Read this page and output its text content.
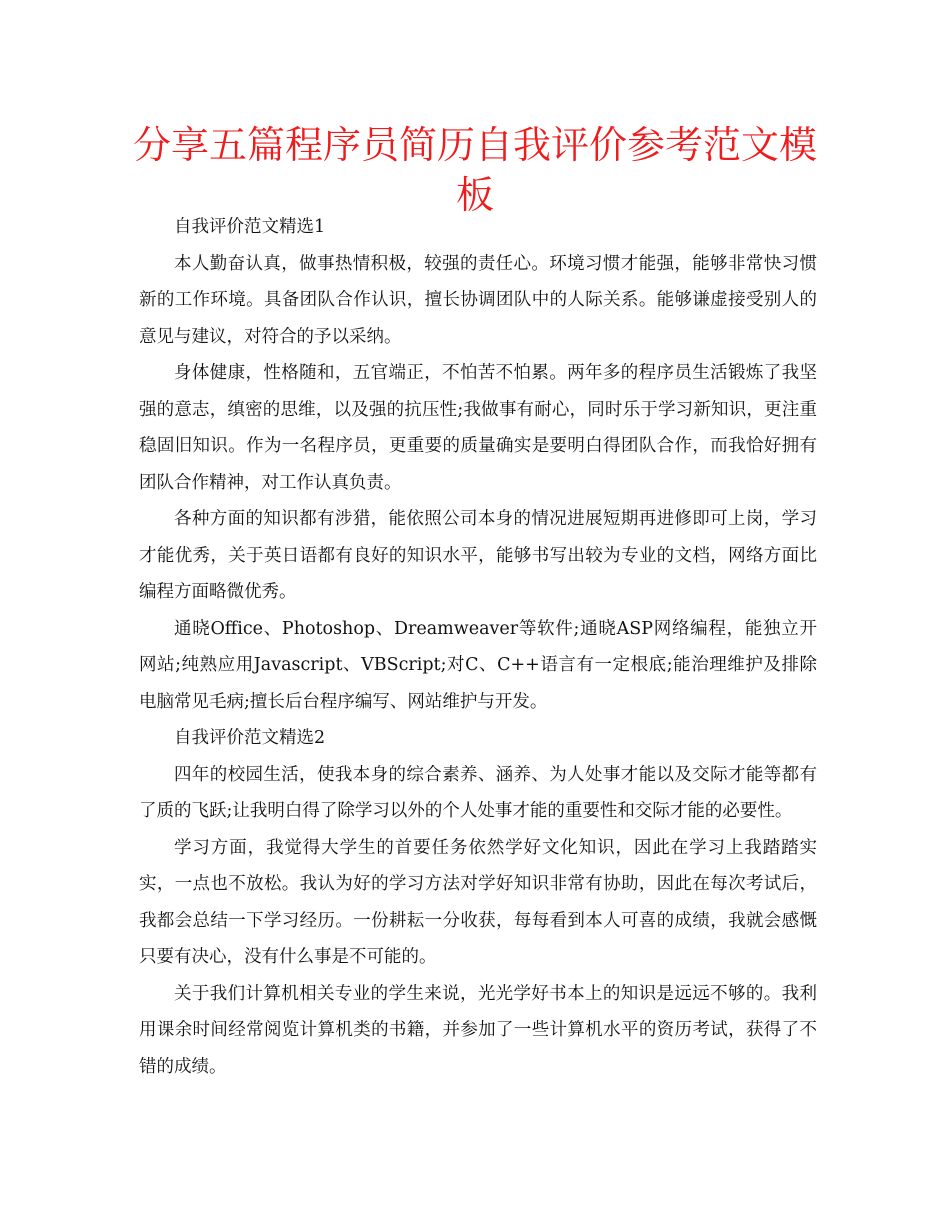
分享五篇程序员简历自我评价参考范文模板

自我评价范文精选1

本人勤奋认真，做事热情积极，较强的责任心。环境习惯才能强，能够非常快习惯新的工作环境。具备团队合作认识，擅长协调团队中的人际关系。能够谦虚接受别人的意见与建议，对符合的予以采纳。

身体健康，性格随和，五官端正，不怕苦不怕累。两年多的程序员生活锻炼了我坚强的意志，缜密的思维，以及强的抗压性;我做事有耐心，同时乐于学习新知识，更注重稳固旧知识。作为一名程序员，更重要的质量确实是要明白得团队合作，而我恰好拥有团队合作精神，对工作认真负责。

各种方面的知识都有涉猎，能依照公司本身的情况进展短期再进修即可上岗，学习才能优秀，关于英日语都有良好的知识水平，能够书写出较为专业的文档，网络方面比编程方面略微优秀。

通晓Office、Photoshop、Dreamweaver等软件;通晓ASP网络编程，能独立开网站;纯熟应用Javascript、VBScript;对C、C++语言有一定根底;能治理维护及排除电脑常见毛病;擅长后台程序编写、网站维护与开发。

自我评价范文精选2

四年的校园生活，使我本身的综合素养、涵养、为人处事才能以及交际才能等都有了质的飞跃;让我明白得了除学习以外的个人处事才能的重要性和交际才能的必要性。

学习方面，我觉得大学生的首要任务依然学好文化知识，因此在学习上我踏踏实实，一点也不放松。我认为好的学习方法对学好知识非常有协助，因此在每次考试后，我都会总结一下学习经历。一份耕耘一分收获，每每看到本人可喜的成绩，我就会感慨只要有决心，没有什么事是不可能的。

关于我们计算机相关专业的学生来说，光光学好书本上的知识是远远不够的。我利用课余时间经常阅览计算机类的书籍，并参加了一些计算机水平的资历考试，获得了不错的成绩。
